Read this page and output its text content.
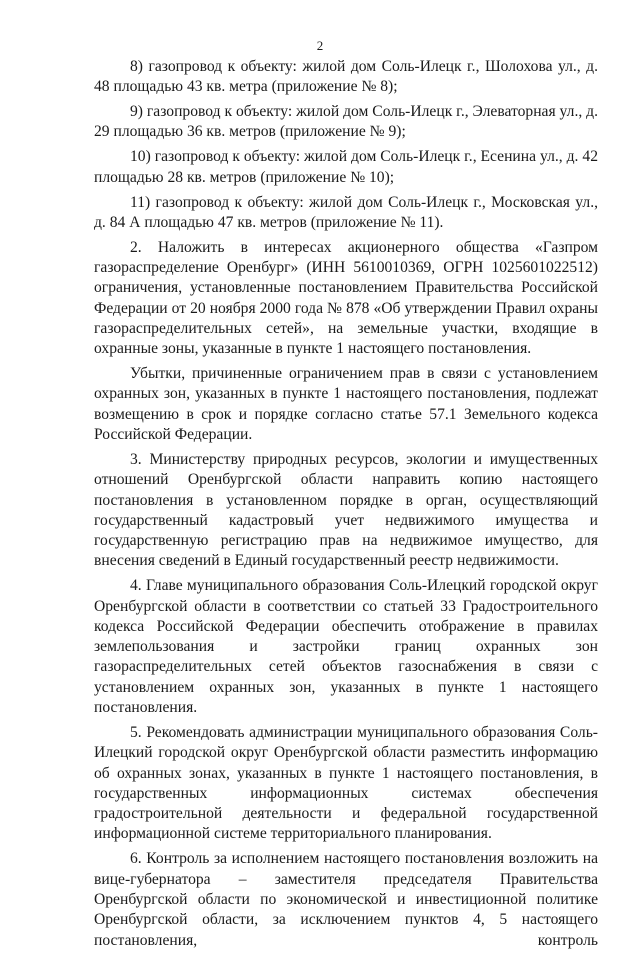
2

8) газопровод к объекту: жилой дом Соль-Илецк г., Шолохова ул., д. 48 площадью 43 кв. метра (приложение № 8);

9) газопровод к объекту: жилой дом Соль-Илецк г., Элеваторная ул., д. 29 площадью 36 кв. метров (приложение № 9);

10) газопровод к объекту: жилой дом Соль-Илецк г., Есенина ул., д. 42 площадью 28 кв. метров (приложение № 10);

11) газопровод к объекту: жилой дом Соль-Илецк г., Московская ул., д. 84 А площадью 47 кв. метров (приложение № 11).

2. Наложить в интересах акционерного общества «Газпром газораспределение Оренбург» (ИНН 5610010369, ОГРН 1025601022512) ограничения, установленные постановлением Правительства Российской Федерации от 20 ноября 2000 года № 878 «Об утверждении Правил охраны газораспределительных сетей», на земельные участки, входящие в охранные зоны, указанные в пункте 1 настоящего постановления.

Убытки, причиненные ограничением прав в связи с установлением охранных зон, указанных в пункте 1 настоящего постановления, подлежат возмещению в срок и порядке согласно статье 57.1 Земельного кодекса Российской Федерации.

3. Министерству природных ресурсов, экологии и имущественных отношений Оренбургской области направить копию настоящего постановления в установленном порядке в орган, осуществляющий государственный кадастровый учет недвижимого имущества и государственную регистрацию прав на недвижимое имущество, для внесения сведений в Единый государственный реестр недвижимости.

4. Главе муниципального образования Соль-Илецкий городской округ Оренбургской области в соответствии со статьей 33 Градостроительного кодекса Российской Федерации обеспечить отображение в правилах землепользования и застройки границ охранных зон газораспределительных сетей объектов газоснабжения в связи с установлением охранных зон, указанных в пункте 1 настоящего постановления.

5. Рекомендовать администрации муниципального образования Соль-Илецкий городской округ Оренбургской области разместить информацию об охранных зонах, указанных в пункте 1 настоящего постановления, в государственных информационных системах обеспечения градостроительной деятельности и федеральной государственной информационной системе территориального планирования.

6. Контроль за исполнением настоящего постановления возложить на вице-губернатора – заместителя председателя Правительства Оренбургской области по экономической и инвестиционной политике Оренбургской области, за исключением пунктов 4, 5 настоящего постановления, контроль
